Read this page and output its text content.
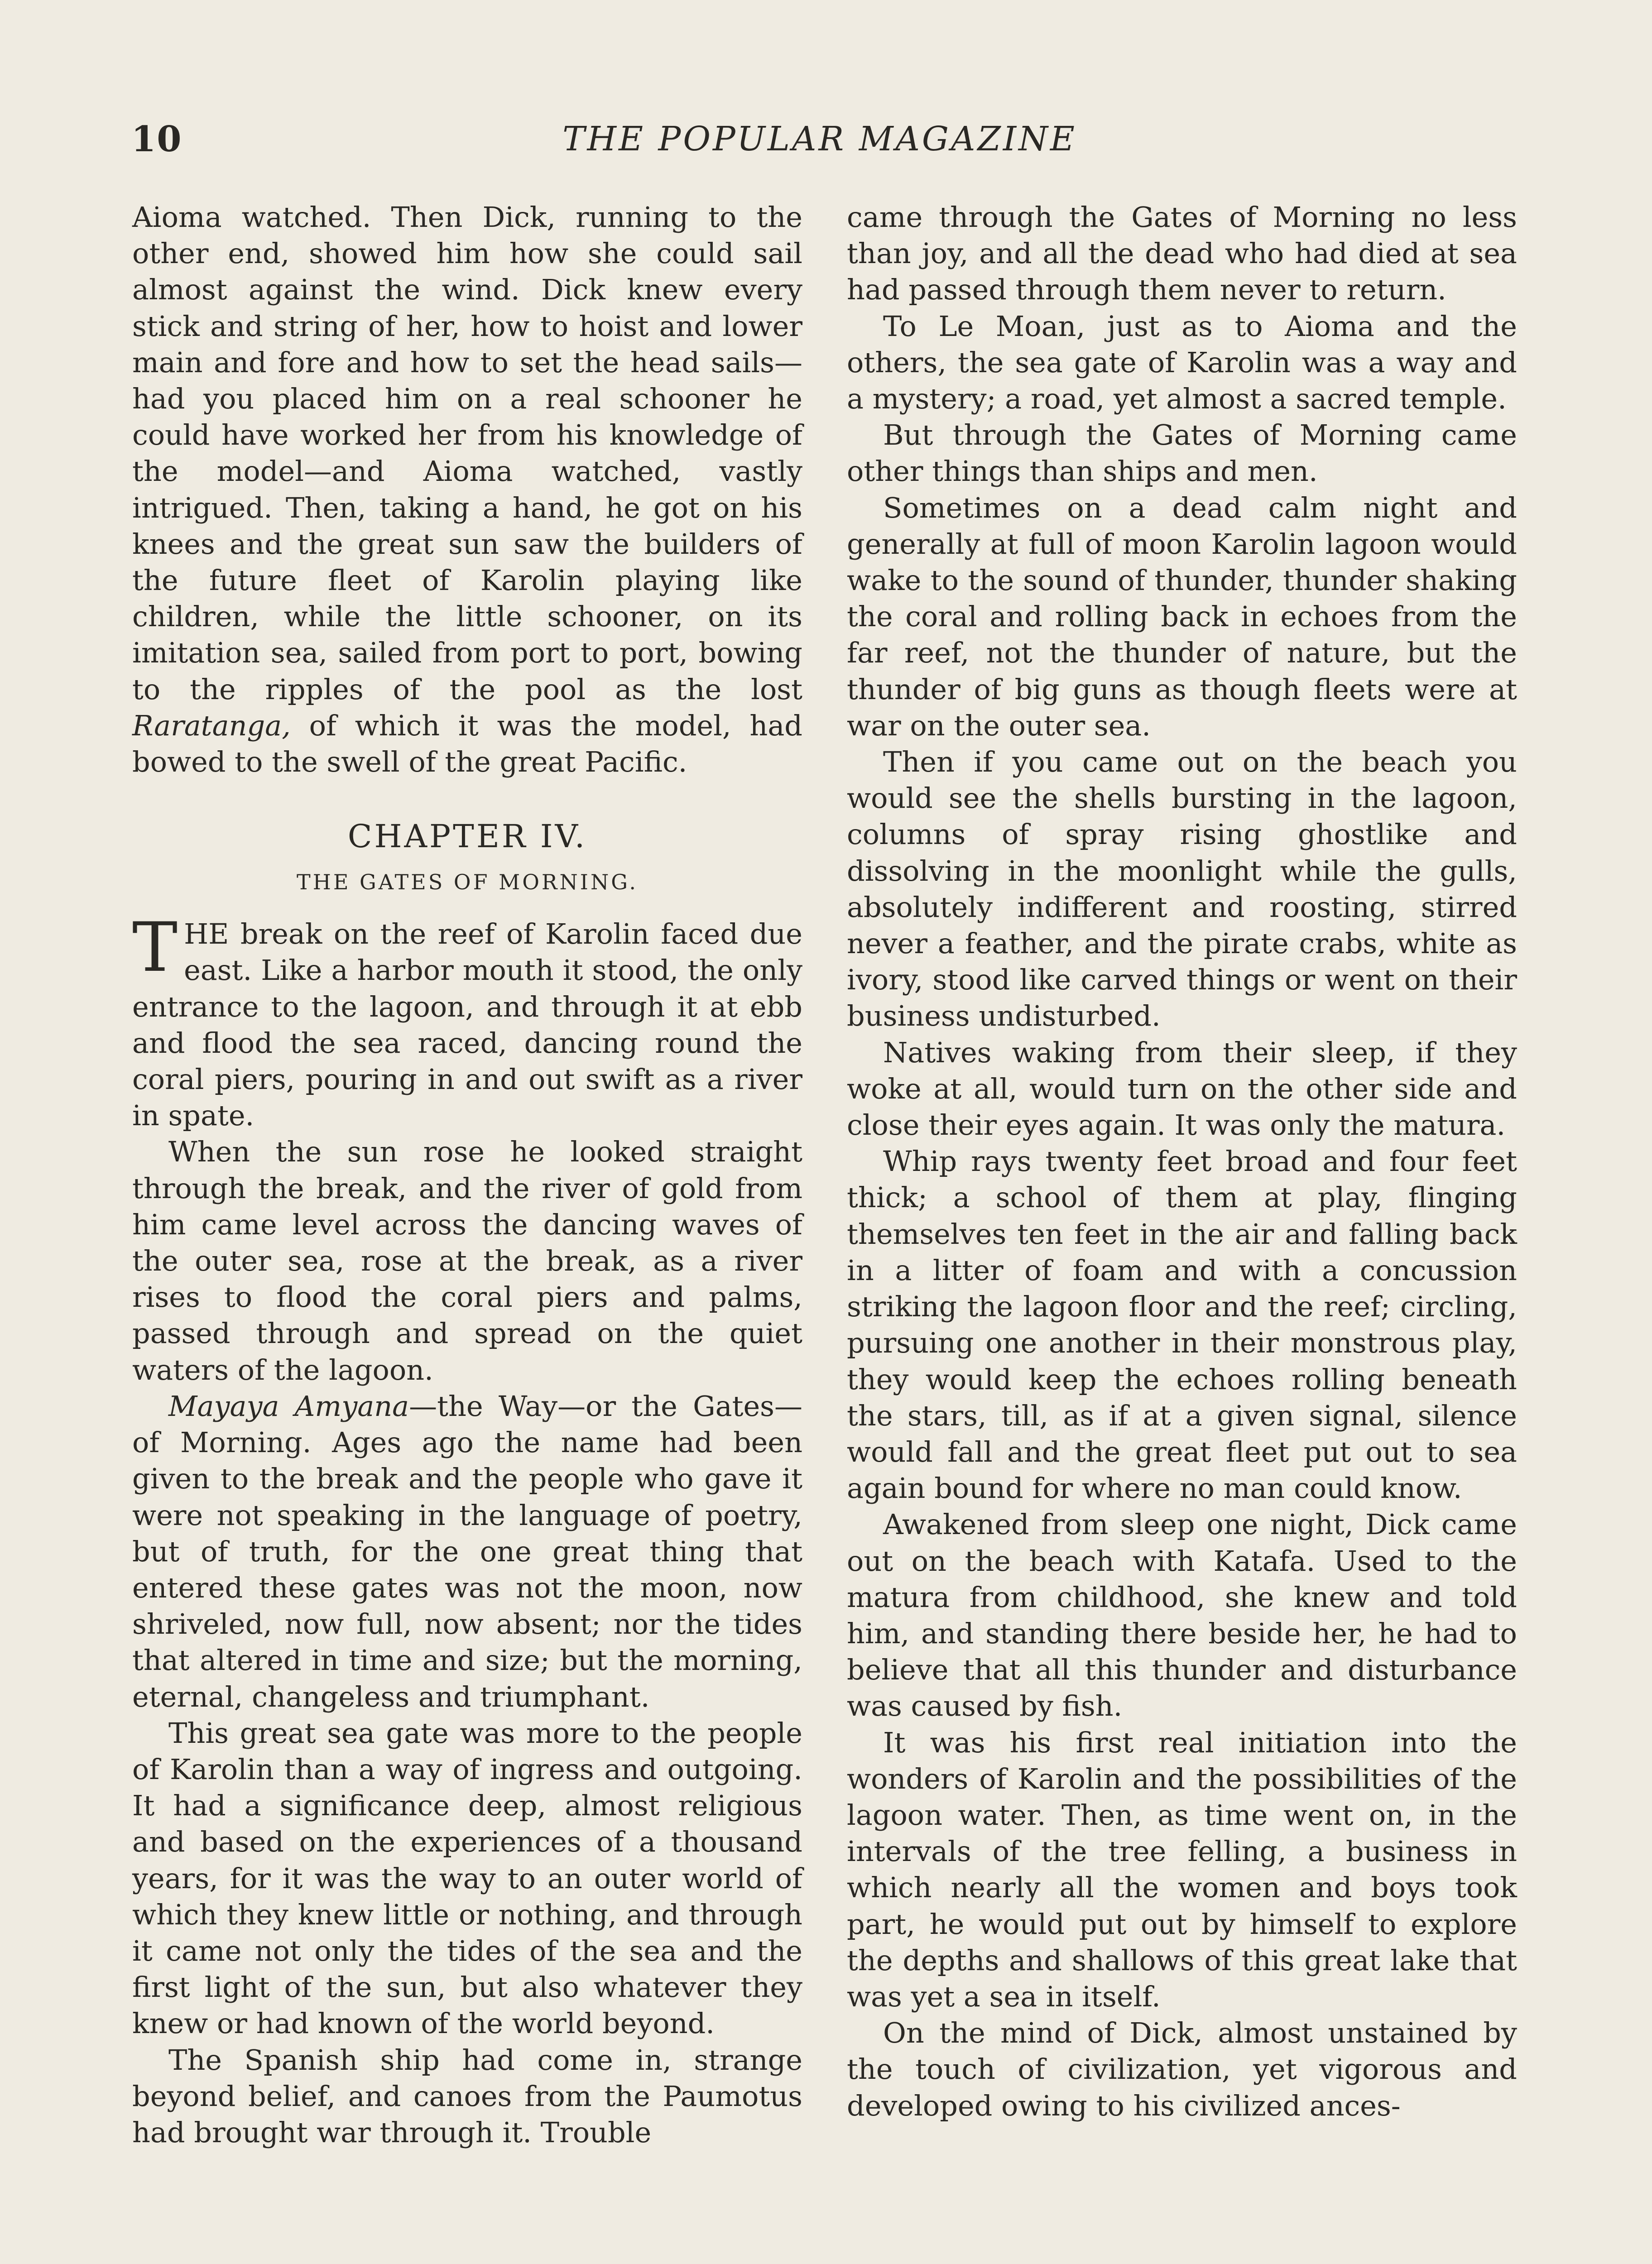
10	THE POPULAR MAGAZINE

Aioma watched. Then Dick, running to the other end, showed him how she could sail almost against the wind. Dick knew every stick and string of her, how to hoist and lower main and fore and how to set the head sails—had you placed him on a real schooner he could have worked her from his knowledge of the model—and Aioma watched, vastly intrigued. Then, taking a hand, he got on his knees and the great sun saw the builders of the future fleet of Karolin playing like children, while the little schooner, on its imitation sea, sailed from port to port, bowing to the ripples of the pool as the lost Raratanga, of which it was the model, had bowed to the swell of the great Pacific.

CHAPTER IV.
THE GATES OF MORNING.

THE break on the reef of Karolin faced due east. Like a harbor mouth it stood, the only entrance to the lagoon, and through it at ebb and flood the sea raced, dancing round the coral piers, pouring in and out swift as a river in spate.

When the sun rose he looked straight through the break, and the river of gold from him came level across the dancing waves of the outer sea, rose at the break, as a river rises to flood the coral piers and palms, passed through and spread on the quiet waters of the lagoon.

Mayaya Amyana—the Way—or the Gates—of Morning. Ages ago the name had been given to the break and the people who gave it were not speaking in the language of poetry, but of truth, for the one great thing that entered these gates was not the moon, now shriveled, now full, now absent; nor the tides that altered in time and size; but the morning, eternal, changeless and triumphant.

This great sea gate was more to the people of Karolin than a way of ingress and outgoing. It had a significance deep, almost religious and based on the experiences of a thousand years, for it was the way to an outer world of which they knew little or nothing, and through it came not only the tides of the sea and the first light of the sun, but also whatever they knew or had known of the world beyond.

The Spanish ship had come in, strange beyond belief, and canoes from the Paumotus had brought war through it. Trouble

came through the Gates of Morning no less than joy, and all the dead who had died at sea had passed through them never to return.

To Le Moan, just as to Aioma and the others, the sea gate of Karolin was a way and a mystery; a road, yet almost a sacred temple.

But through the Gates of Morning came other things than ships and men.

Sometimes on a dead calm night and generally at full of moon Karolin lagoon would wake to the sound of thunder, thunder shaking the coral and rolling back in echoes from the far reef, not the thunder of nature, but the thunder of big guns as though fleets were at war on the outer sea.

Then if you came out on the beach you would see the shells bursting in the lagoon, columns of spray rising ghostlike and dissolving in the moonlight while the gulls, absolutely indifferent and roosting, stirred never a feather, and the pirate crabs, white as ivory, stood like carved things or went on their business undisturbed.

Natives waking from their sleep, if they woke at all, would turn on the other side and close their eyes again. It was only the matura.

Whip rays twenty feet broad and four feet thick; a school of them at play, flinging themselves ten feet in the air and falling back in a litter of foam and with a concussion striking the lagoon floor and the reef; circling, pursuing one another in their monstrous play, they would keep the echoes rolling beneath the stars, till, as if at a given signal, silence would fall and the great fleet put out to sea again bound for where no man could know.

Awakened from sleep one night, Dick came out on the beach with Katafa. Used to the matura from childhood, she knew and told him, and standing there beside her, he had to believe that all this thunder and disturbance was caused by fish.

It was his first real initiation into the wonders of Karolin and the possibilities of the lagoon water. Then, as time went on, in the intervals of the tree felling, a business in which nearly all the women and boys took part, he would put out by himself to explore the depths and shallows of this great lake that was yet a sea in itself.

On the mind of Dick, almost unstained by the touch of civilization, yet vigorous and developed owing to his civilized ances-
